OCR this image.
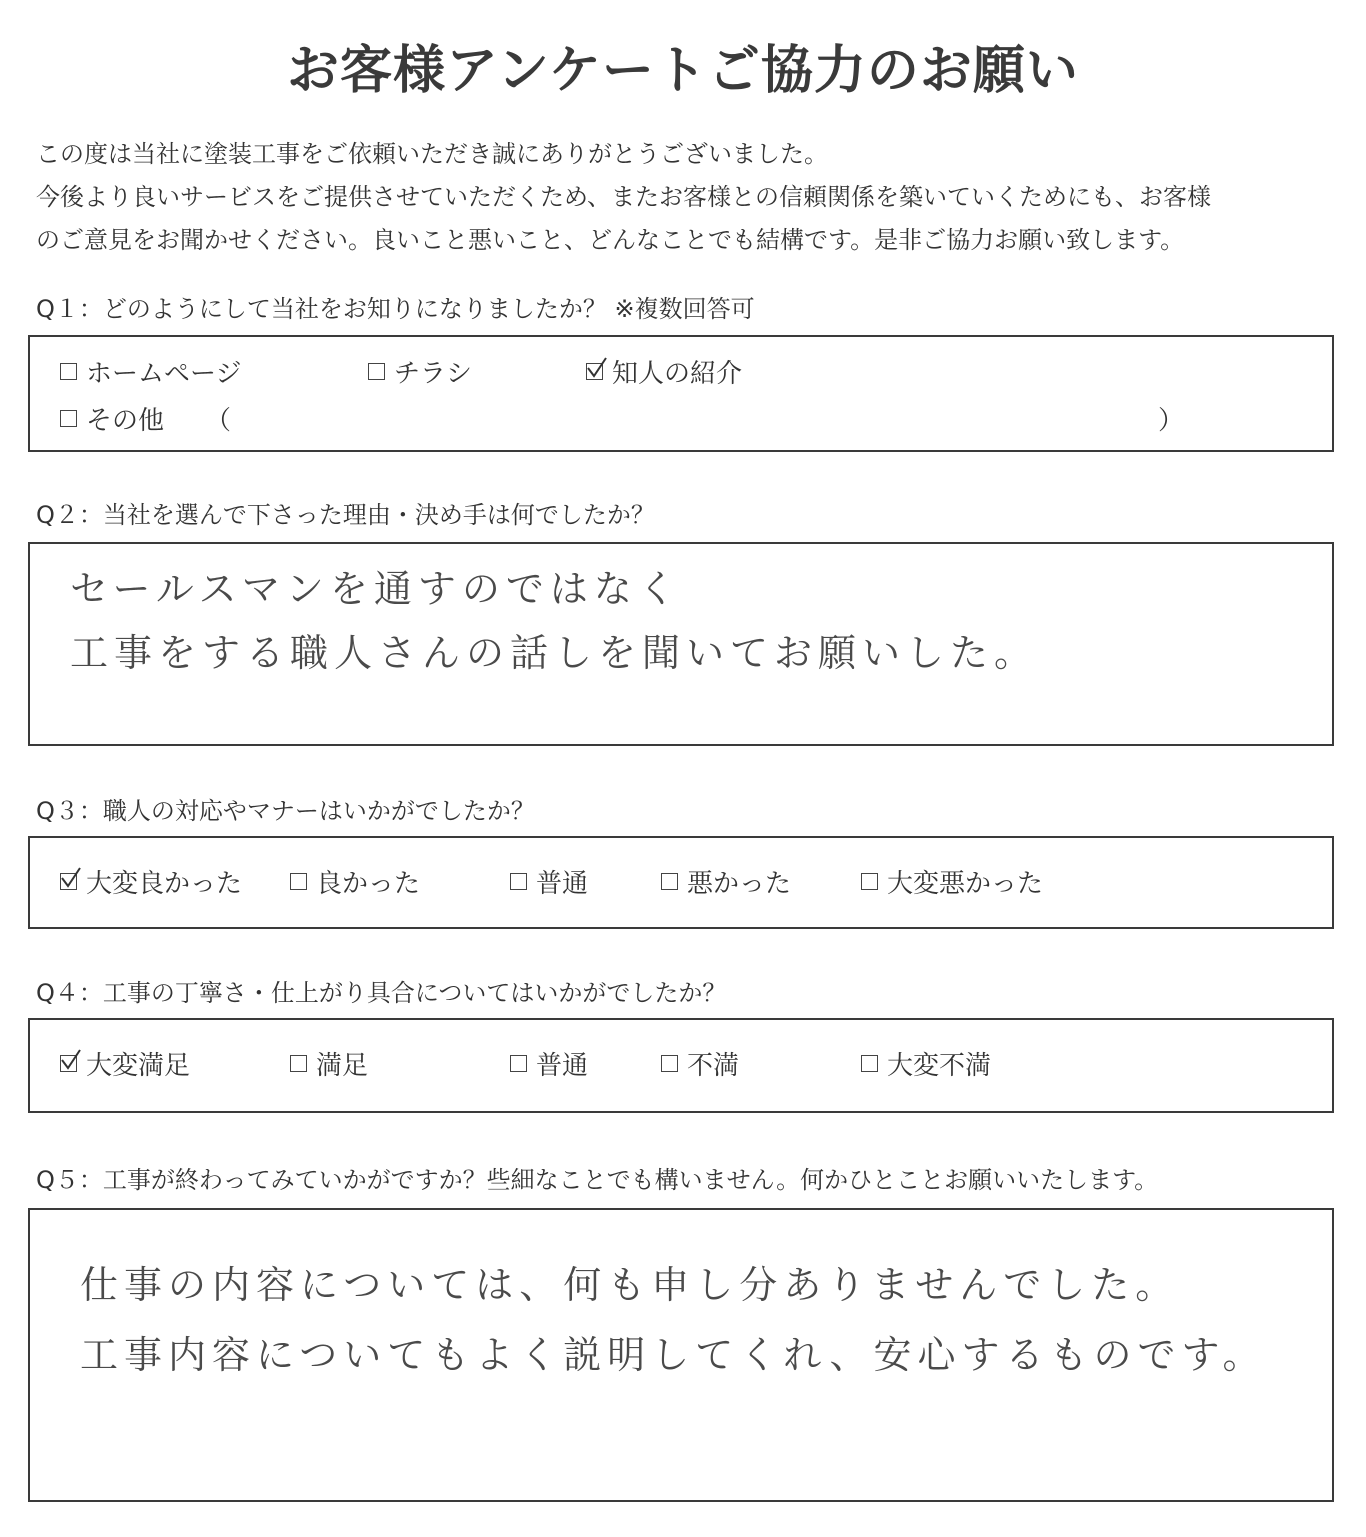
お客様アンケートご協力のお願い

この度は当社に塗装工事をご依頼いただき誠にありがとうございました。

今後より良いサービスをご提供させていただくため、またお客様との信頼関係を築いていくためにも、お客様

のご意見をお聞かせください。良いこと悪いこと、どんなことでも結構です。是非ご協力お願い致します。

Q１：どのようにして当社をお知りになりましたか？ ※複数回答可
ホームページ	チラシ	知人の紹介
その他 （	）
Q２：当社を選んで下さった理由・決め手は何でしたか？
セールスマンを通すのではなく
工事をする職人さんの話しを聞いてお願いした。
Q３：職人の対応やマナーはいかがでしたか？
大変良かった	良かった	普通	悪かった	大変悪かった
Q４：工事の丁寧さ・仕上がり具合についてはいかがでしたか？
大変満足	満足	普通	不満	大変不満
Q５：工事が終わってみていかがですか？些細なことでも構いません。何かひとことお願いいたします。
仕事の内容については、何も申し分ありませんでした。
工事内容についてもよく説明してくれ、安心するものです。
